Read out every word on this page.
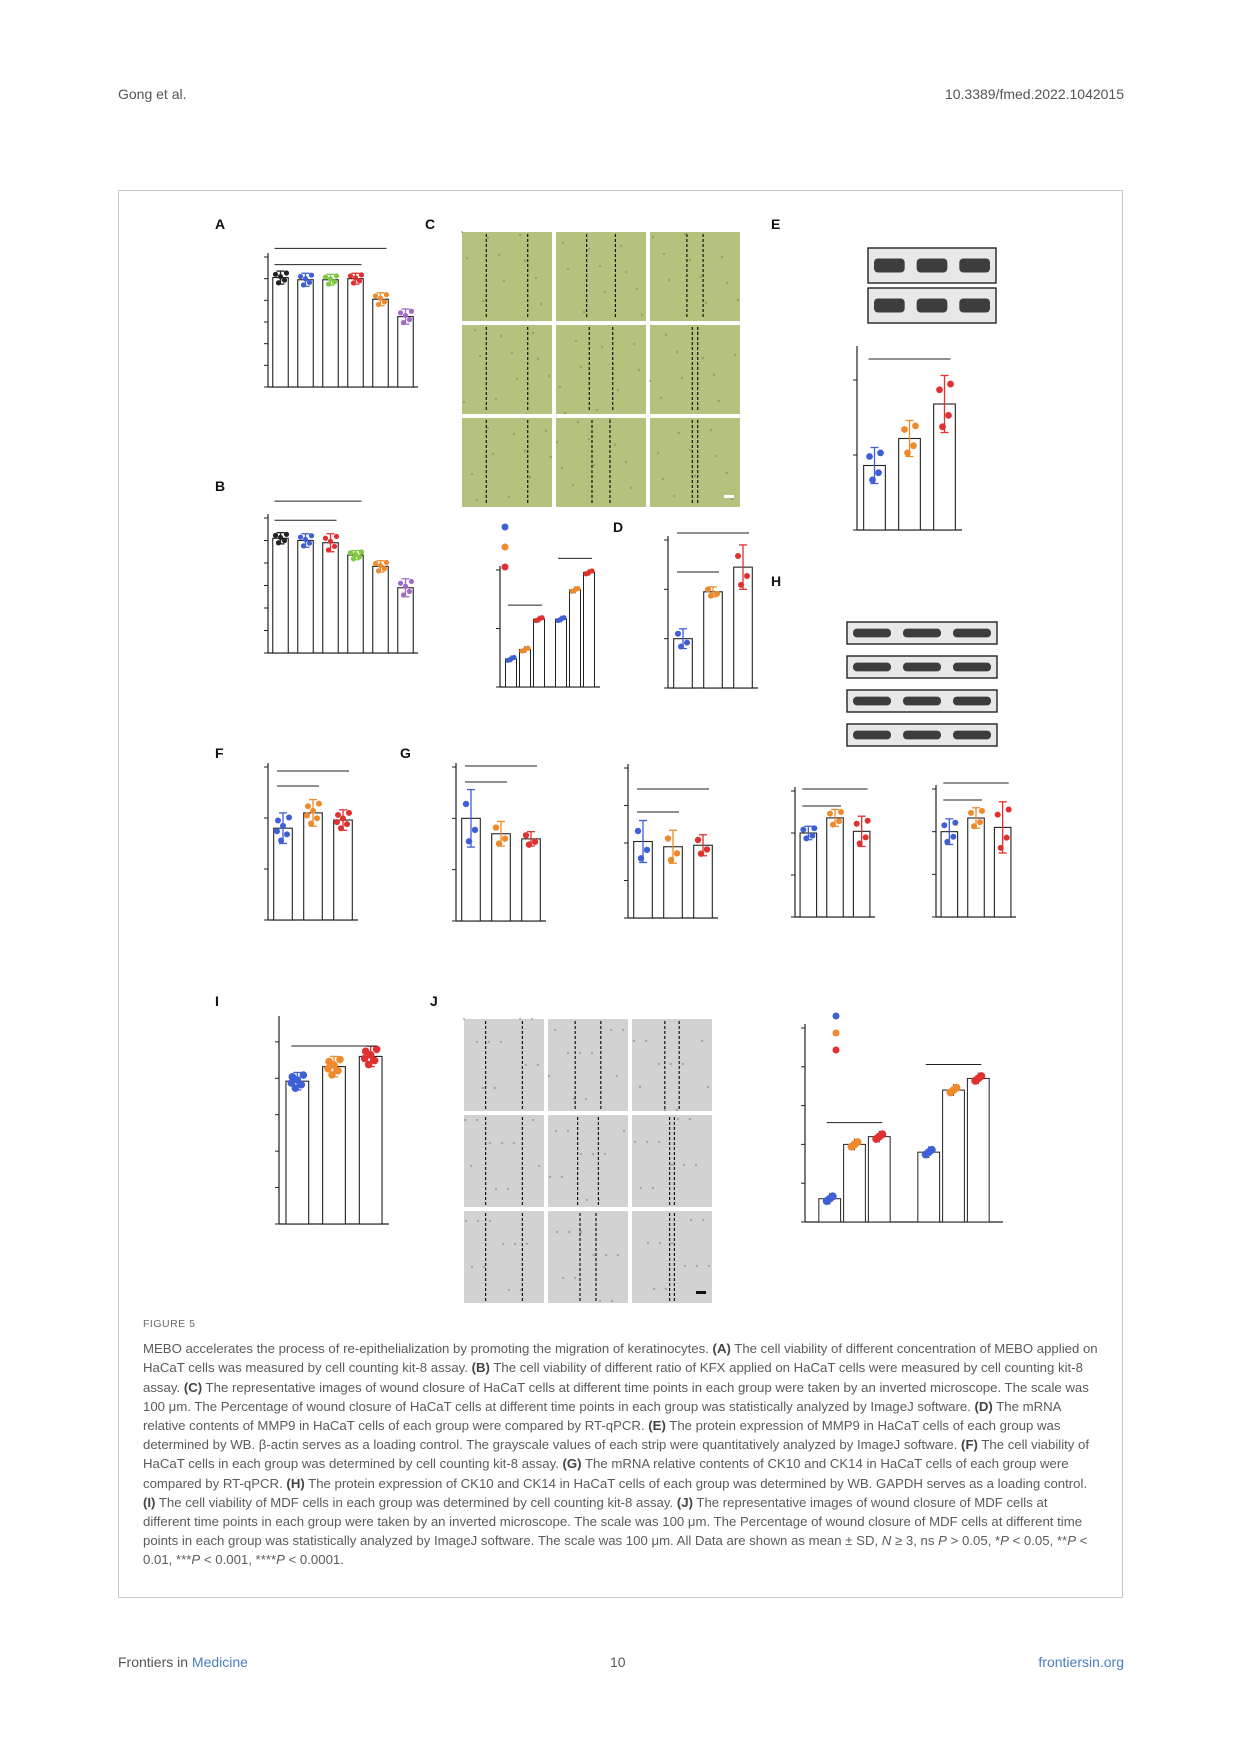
Gong et al.	10.3389/fmed.2022.1042015
A
B
C
D
E
H
F	G
I	J
FIGURE 5
MEBO accelerates the process of re-epithelialization by promoting the migration of keratinocytes. (A) The cell viability of different concentration of MEBO applied on HaCaT cells was measured by cell counting kit-8 assay. (B) The cell viability of different ratio of KFX applied on HaCaT cells were measured by cell counting kit-8 assay. (C) The representative images of wound closure of HaCaT cells at different time points in each group were taken by an inverted microscope. The scale was 100 μm. The Percentage of wound closure of HaCaT cells at different time points in each group was statistically analyzed by ImageJ software. (D) The mRNA relative contents of MMP9 in HaCaT cells of each group were compared by RT-qPCR. (E) The protein expression of MMP9 in HaCaT cells of each group was determined by WB. β-actin serves as a loading control. The grayscale values of each strip were quantitatively analyzed by ImageJ software. (F) The cell viability of HaCaT cells in each group was determined by cell counting kit-8 assay. (G) The mRNA relative contents of CK10 and CK14 in HaCaT cells of each group were compared by RT-qPCR. (H) The protein expression of CK10 and CK14 in HaCaT cells of each group was determined by WB. GAPDH serves as a loading control. (I) The cell viability of MDF cells in each group was determined by cell counting kit-8 assay. (J) The representative images of wound closure of MDF cells at different time points in each group were taken by an inverted microscope. The scale was 100 μm. The Percentage of wound closure of MDF cells at different time points in each group was statistically analyzed by ImageJ software. The scale was 100 μm. All Data are shown as mean ± SD, N ≥ 3, ns P > 0.05, *P < 0.05, **P < 0.01, ***P < 0.001, ****P < 0.0001.
Frontiers in Medicine	10	frontiersin.org
